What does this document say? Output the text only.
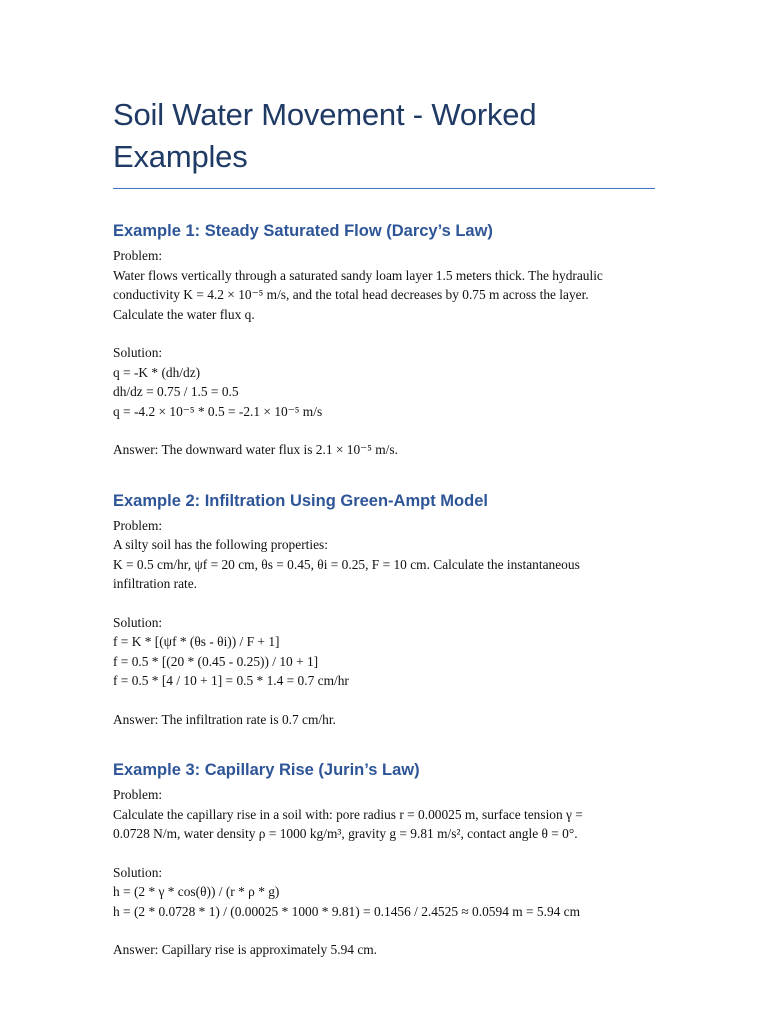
Soil Water Movement - Worked
Examples
Example 1: Steady Saturated Flow (Darcy’s Law)

Problem:
Water flows vertically through a saturated sandy loam layer 1.5 meters thick. The hydraulic
conductivity K = 4.2 × 10⁻⁵ m/s, and the total head decreases by 0.75 m across the layer.
Calculate the water flux q.

Solution:
q = -K * (dh/dz)
dh/dz = 0.75 / 1.5 = 0.5
q = -4.2 × 10⁻⁵ * 0.5 = -2.1 × 10⁻⁵ m/s

Answer: The downward water flux is 2.1 × 10⁻⁵ m/s.

Example 2: Infiltration Using Green-Ampt Model

Problem:
A silty soil has the following properties:
K = 0.5 cm/hr, ψf = 20 cm, θs = 0.45, θi = 0.25, F = 10 cm. Calculate the instantaneous
infiltration rate.

Solution:
f = K * [(ψf * (θs - θi)) / F + 1]
f = 0.5 * [(20 * (0.45 - 0.25)) / 10 + 1]
f = 0.5 * [4 / 10 + 1] = 0.5 * 1.4 = 0.7 cm/hr

Answer: The infiltration rate is 0.7 cm/hr.

Example 3: Capillary Rise (Jurin’s Law)

Problem:
Calculate the capillary rise in a soil with: pore radius r = 0.00025 m, surface tension γ =
0.0728 N/m, water density ρ = 1000 kg/m³, gravity g = 9.81 m/s², contact angle θ = 0°.

Solution:
h = (2 * γ * cos(θ)) / (r * ρ * g)
h = (2 * 0.0728 * 1) / (0.00025 * 1000 * 9.81) = 0.1456 / 2.4525 ≈ 0.0594 m = 5.94 cm

Answer: Capillary rise is approximately 5.94 cm.
